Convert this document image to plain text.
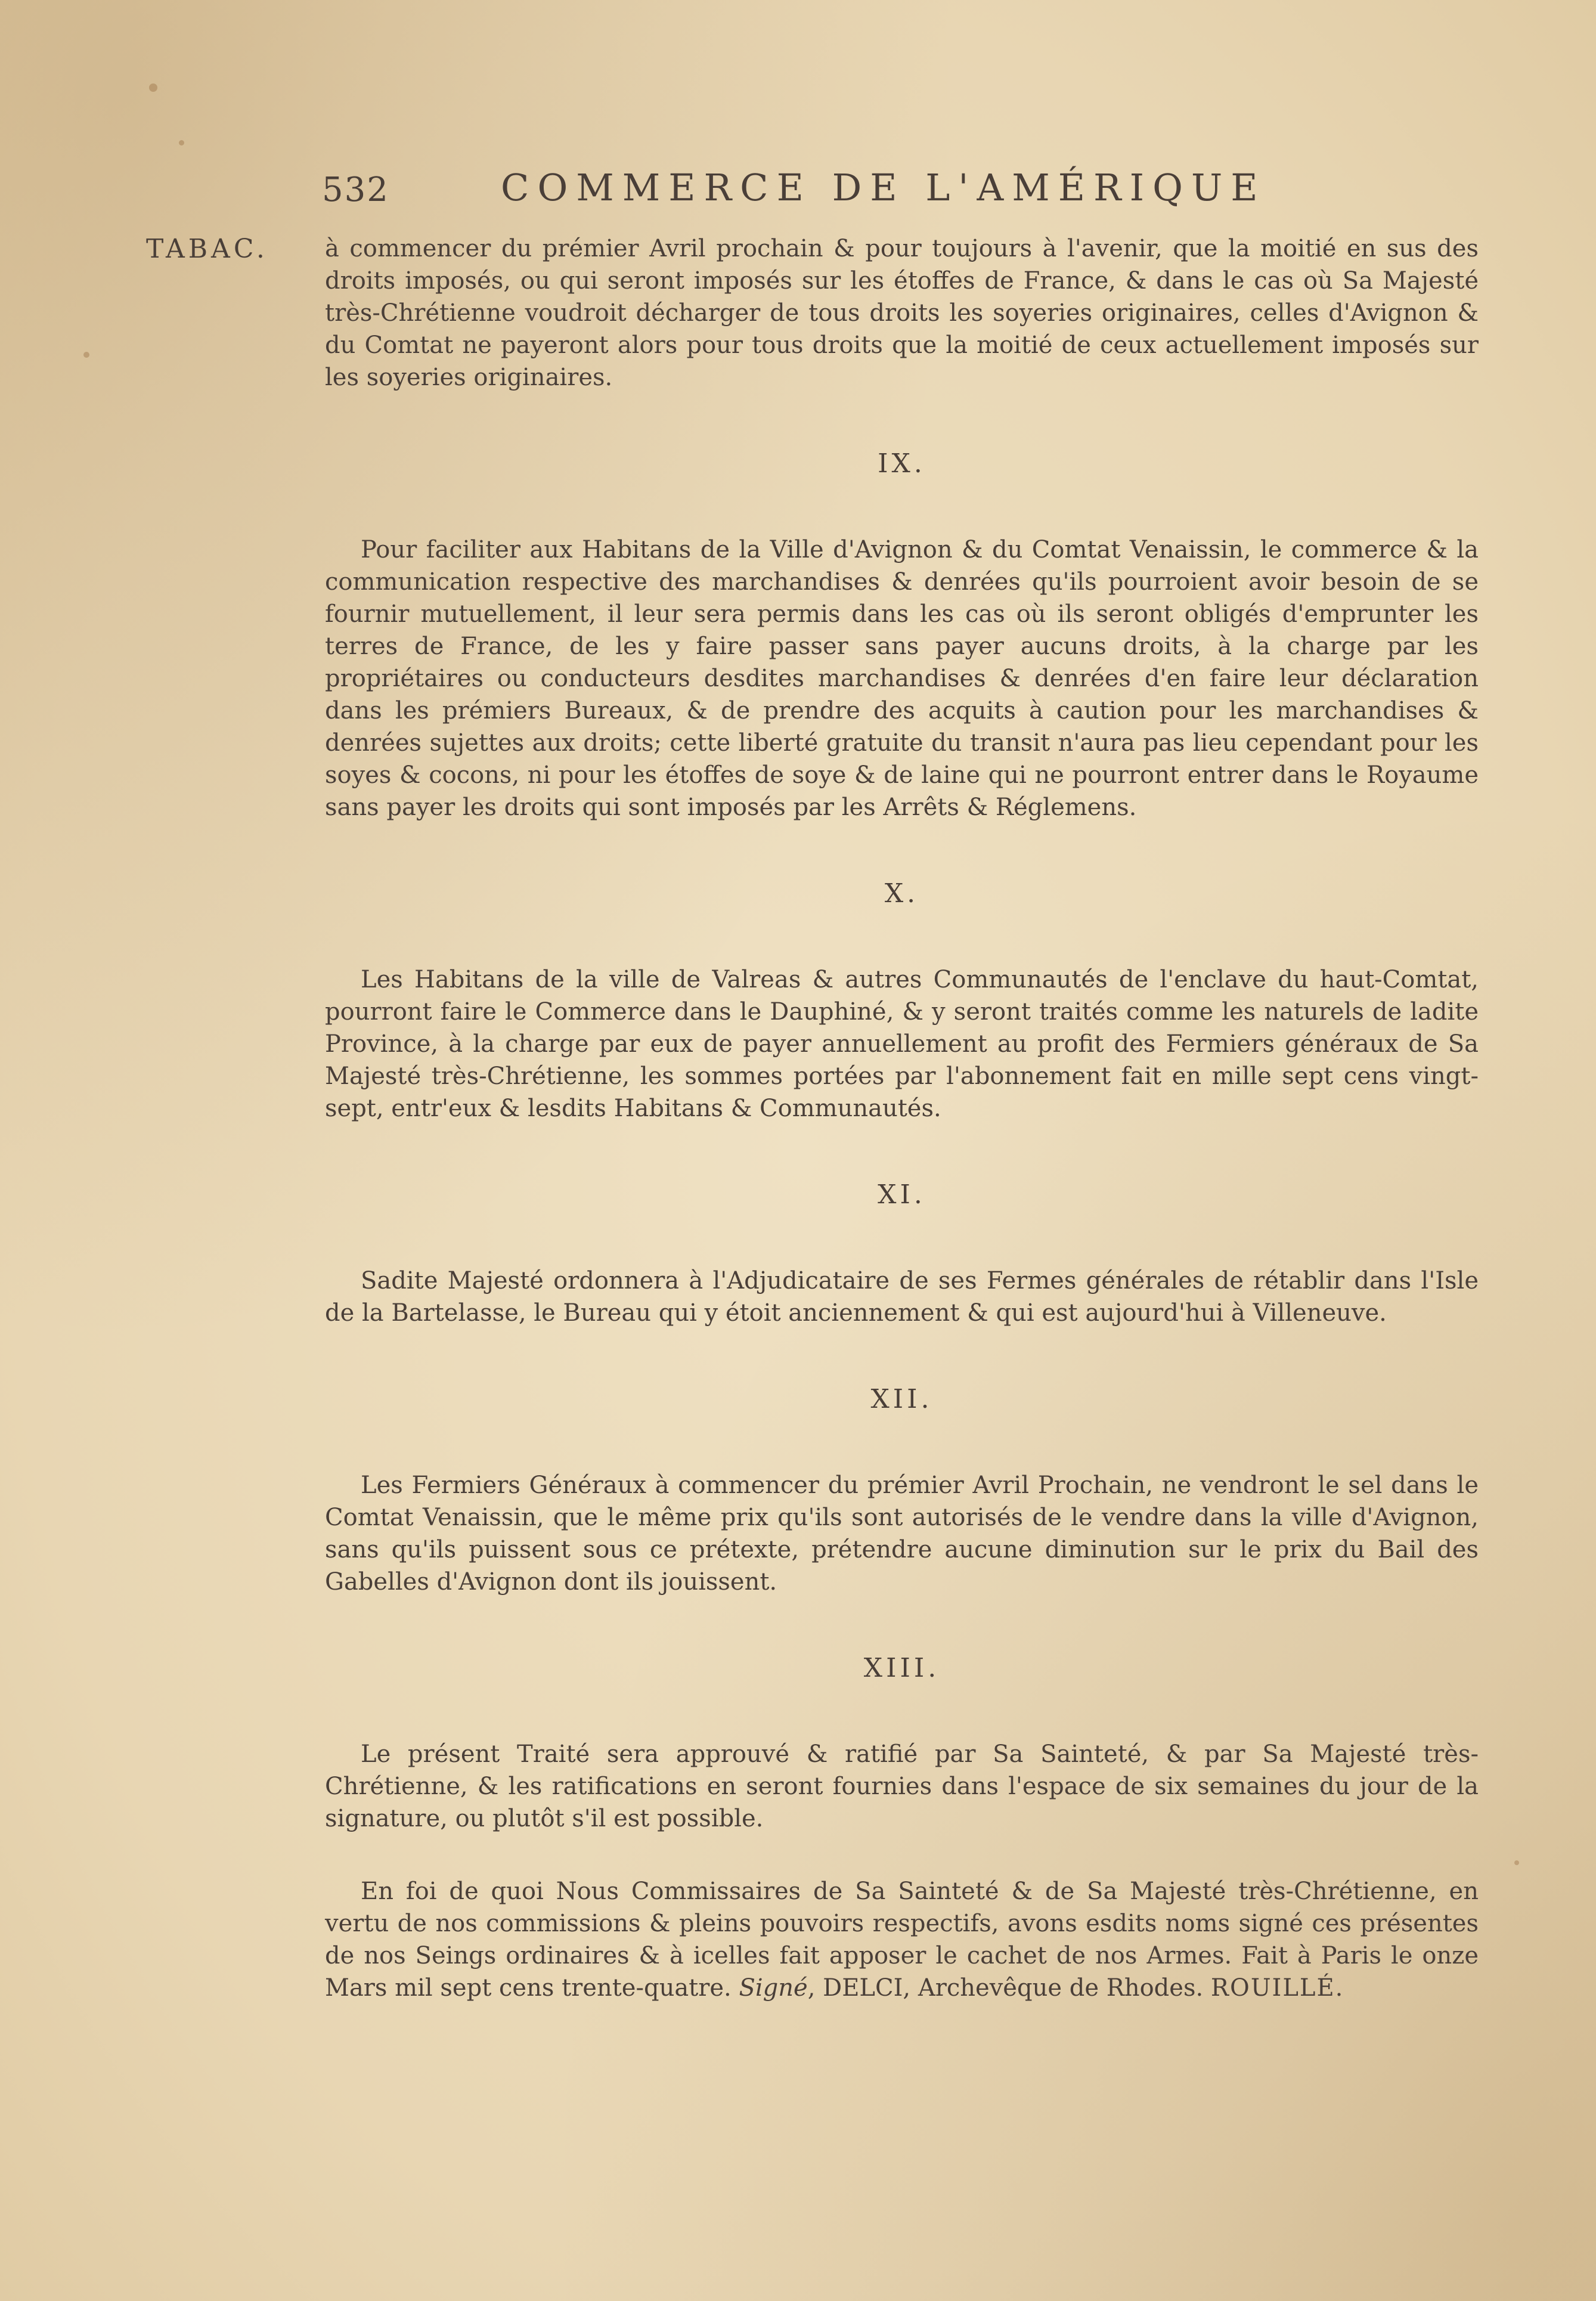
532	COMMERCE DE L'AMÉRIQUE
TABAC. à commencer du prémier Avril prochain & pour toujours à l'avenir, que la moitié en sus des droits imposés, ou qui seront imposés sur les étoffes de France, & dans le cas où Sa Majesté très-Chrétienne voudroit décharger de tous droits les soyeries originaires, celles d'Avignon & du Comtat ne payeront alors pour tous droits que la moitié de ceux actuellement imposés sur les soyeries originaires.

IX.

Pour faciliter aux Habitans de la Ville d'Avignon & du Comtat Venaissin, le commerce & la communication respective des marchandises & denrées qu'ils pourroient avoir besoin de se fournir mutuellement, il leur sera permis dans les cas où ils seront obligés d'emprunter les terres de France, de les y faire passer sans payer aucuns droits, à la charge par les propriétaires ou conducteurs desdites marchandises & denrées d'en faire leur déclaration dans les prémiers Bureaux, & de prendre des acquits à caution pour les marchandises & denrées sujettes aux droits; cette liberté gratuite du transit n'aura pas lieu cependant pour les soyes & cocons, ni pour les étoffes de soye & de laine qui ne pourront entrer dans le Royaume sans payer les droits qui sont imposés par les Arrêts & Réglemens.

X.

Les Habitans de la ville de Valreas & autres Communautés de l'enclave du haut-Comtat, pourront faire le Commerce dans le Dauphiné, & y seront traités comme les naturels de ladite Province, à la charge par eux de payer annuellement au profit des Fermiers généraux de Sa Majesté très-Chrétienne, les sommes portées par l'abonnement fait en mille sept cens vingt-sept, entr'eux & lesdits Habitans & Communautés.

XI.

Sadite Majesté ordonnera à l'Adjudicataire de ses Fermes générales de rétablir dans l'Isle de la Bartelasse, le Bureau qui y étoit anciennement & qui est aujourd'hui à Villeneuve.

XII.

Les Fermiers Généraux à commencer du prémier Avril Prochain, ne vendront le sel dans le Comtat Venaissin, que le même prix qu'ils sont autorisés de le vendre dans la ville d'Avignon, sans qu'ils puissent sous ce prétexte, prétendre aucune diminution sur le prix du Bail des Gabelles d'Avignon dont ils jouissent.

XIII.

Le présent Traité sera approuvé & ratifié par Sa Sainteté, & par Sa Majesté très-Chrétienne, & les ratifications en seront fournies dans l'espace de six semaines du jour de la signature, ou plutôt s'il est possible.

En foi de quoi Nous Commissaires de Sa Sainteté & de Sa Majesté très-Chrétienne, en vertu de nos commissions & pleins pouvoirs respectifs, avons esdits noms signé ces présentes de nos Seings ordinaires & à icelles fait apposer le cachet de nos Armes. Fait à Paris le onze Mars mil sept cens trente-quatre. Signé, DELCI, Archevêque de Rhodes. ROUILLÉ.
